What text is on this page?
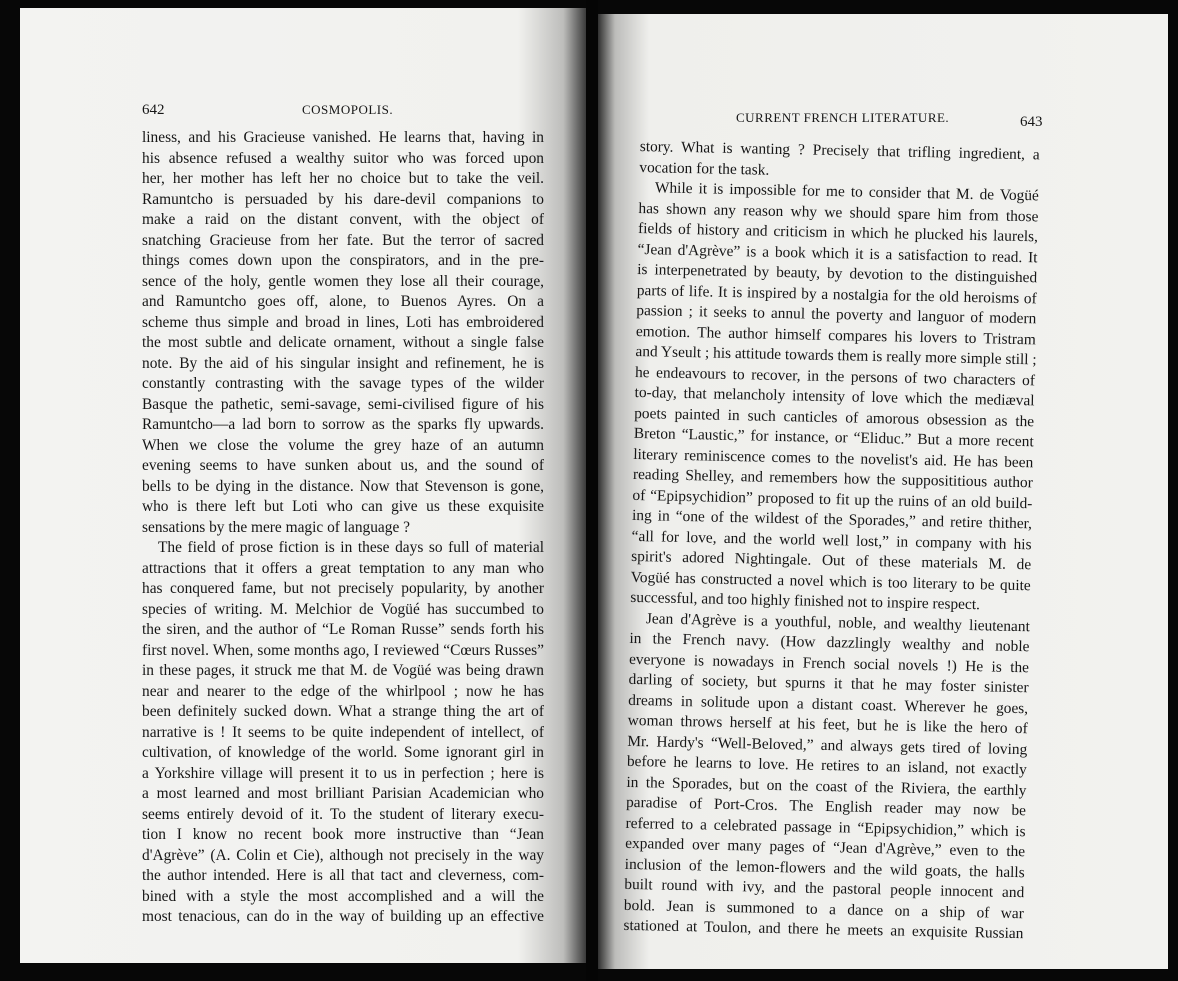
642	COSMOPOLIS.
liness, and his Gracieuse vanished. He learns that, having in
his absence refused a wealthy suitor who was forced upon
her, her mother has left her no choice but to take the veil.
Ramuntcho is persuaded by his dare-devil companions to
make a raid on the distant convent, with the object of
snatching Gracieuse from her fate. But the terror of sacred
things comes down upon the conspirators, and in the pre-
sence of the holy, gentle women they lose all their courage,
and Ramuntcho goes off, alone, to Buenos Ayres. On a
scheme thus simple and broad in lines, Loti has embroidered
the most subtle and delicate ornament, without a single false
note. By the aid of his singular insight and refinement, he is
constantly contrasting with the savage types of the wilder
Basque the pathetic, semi-savage, semi-civilised figure of his
Ramuntcho—a lad born to sorrow as the sparks fly upwards.
When we close the volume the grey haze of an autumn
evening seems to have sunken about us, and the sound of
bells to be dying in the distance. Now that Stevenson is gone,
who is there left but Loti who can give us these exquisite
sensations by the mere magic of language ?
The field of prose fiction is in these days so full of material
attractions that it offers a great temptation to any man who
has conquered fame, but not precisely popularity, by another
species of writing. M. Melchior de Vogüé has succumbed to
the siren, and the author of “Le Roman Russe” sends forth his
first novel. When, some months ago, I reviewed “Cœurs Russes”
in these pages, it struck me that M. de Vogüé was being drawn
near and nearer to the edge of the whirlpool ; now he has
been definitely sucked down. What a strange thing the art of
narrative is ! It seems to be quite independent of intellect, of
cultivation, of knowledge of the world. Some ignorant girl in
a Yorkshire village will present it to us in perfection ; here is
a most learned and most brilliant Parisian Academician who
seems entirely devoid of it. To the student of literary execu-
tion I know no recent book more instructive than “Jean
d'Agrève” (A. Colin et Cie), although not precisely in the way
the author intended. Here is all that tact and cleverness, com-
bined with a style the most accomplished and a will the
most tenacious, can do in the way of building up an effective
CURRENT FRENCH LITERATURE.	643
story. What is wanting ? Precisely that trifling ingredient, a
vocation for the task.
While it is impossible for me to consider that M. de Vogüé
has shown any reason why we should spare him from those
fields of history and criticism in which he plucked his laurels,
“Jean d'Agrève” is a book which it is a satisfaction to read. It
is interpenetrated by beauty, by devotion to the distinguished
parts of life. It is inspired by a nostalgia for the old heroisms of
passion ; it seeks to annul the poverty and languor of modern
emotion. The author himself compares his lovers to Tristram
and Yseult ; his attitude towards them is really more simple still ;
he endeavours to recover, in the persons of two characters of
to-day, that melancholy intensity of love which the mediæval
poets painted in such canticles of amorous obsession as the
Breton “Laustic,” for instance, or “Eliduc.” But a more recent
literary reminiscence comes to the novelist's aid. He has been
reading Shelley, and remembers how the supposititious author
of “Epipsychidion” proposed to fit up the ruins of an old build-
ing in “one of the wildest of the Sporades,” and retire thither,
“all for love, and the world well lost,” in company with his
spirit's adored Nightingale. Out of these materials M. de
Vogüé has constructed a novel which is too literary to be quite
successful, and too highly finished not to inspire respect.
Jean d'Agrève is a youthful, noble, and wealthy lieutenant
in the French navy. (How dazzlingly wealthy and noble
everyone is nowadays in French social novels !) He is the
darling of society, but spurns it that he may foster sinister
dreams in solitude upon a distant coast. Wherever he goes,
woman throws herself at his feet, but he is like the hero of
Mr. Hardy's “Well-Beloved,” and always gets tired of loving
before he learns to love. He retires to an island, not exactly
in the Sporades, but on the coast of the Riviera, the earthly
paradise of Port-Cros. The English reader may now be
referred to a celebrated passage in “Epipsychidion,” which is
expanded over many pages of “Jean d'Agrève,” even to the
inclusion of the lemon-flowers and the wild goats, the halls
built round with ivy, and the pastoral people innocent and
bold. Jean is summoned to a dance on a ship of war
stationed at Toulon, and there he meets an exquisite Russian
